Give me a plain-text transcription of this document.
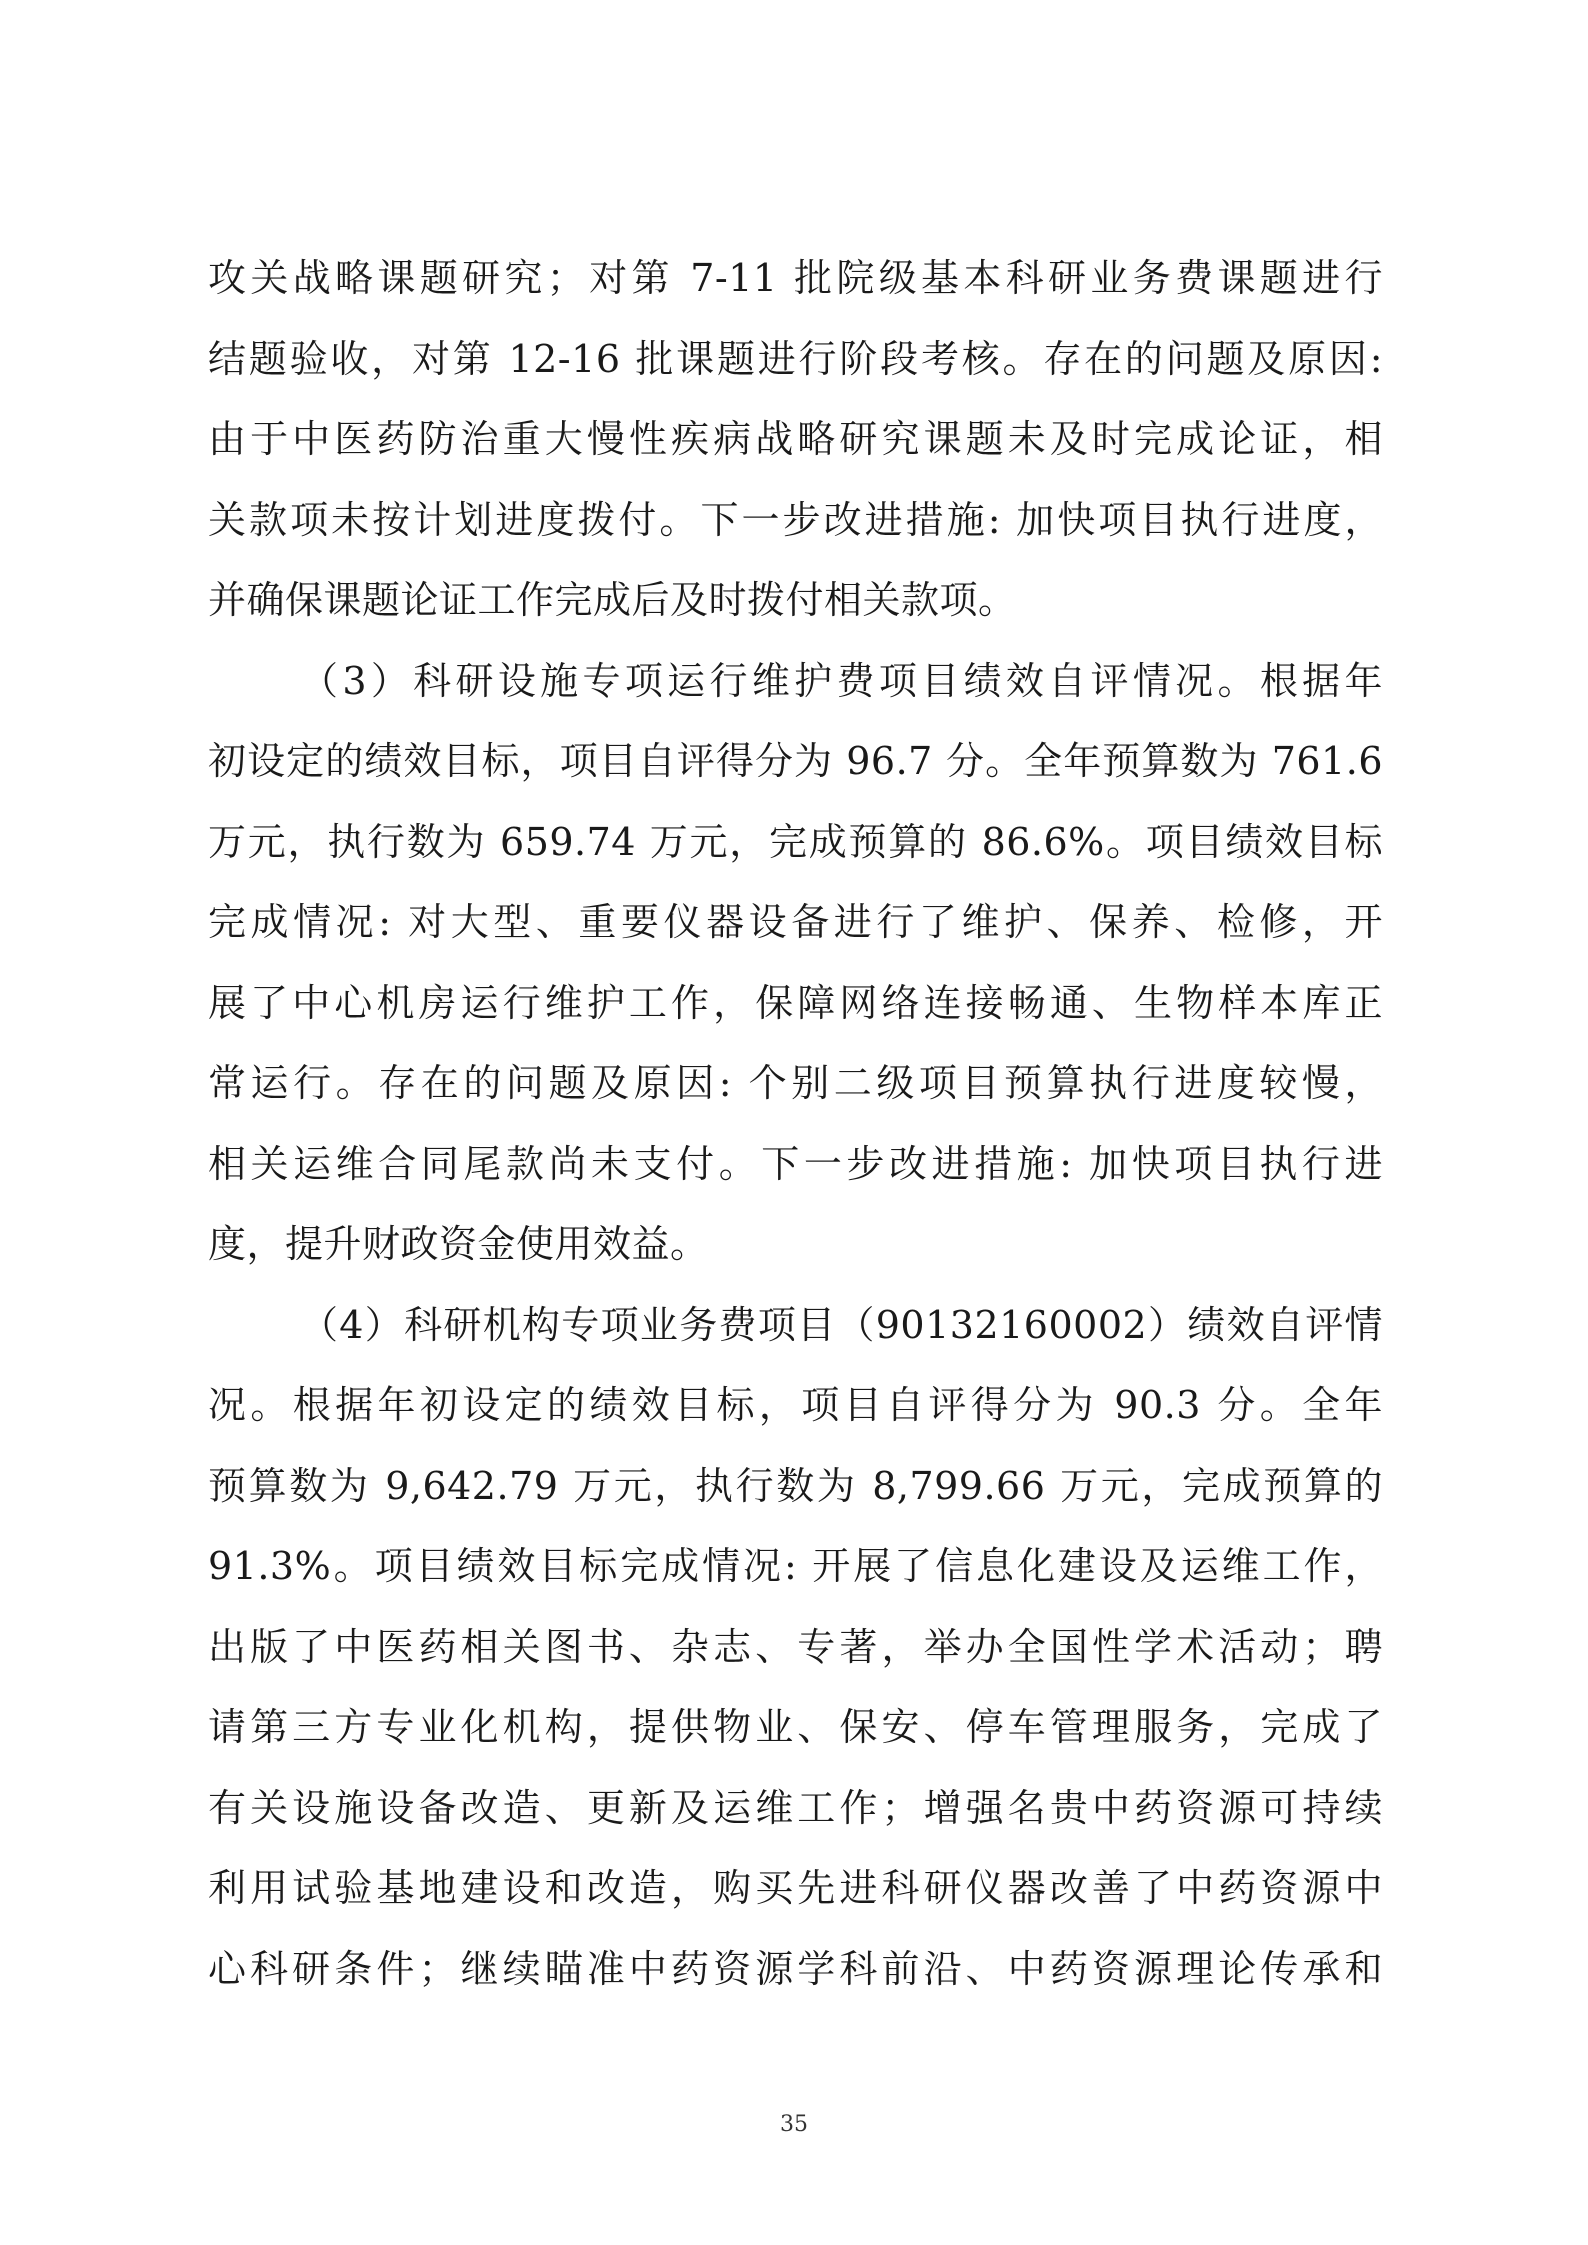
攻关战略课题研究；对第 7-11 批院级基本科研业务费课题进行
结题验收，对第 12-16 批课题进行阶段考核。存在的问题及原因:
由于中医药防治重大慢性疾病战略研究课题未及时完成论证，相
关款项未按计划进度拨付。下一步改进措施: 加快项目执行进度，
并确保课题论证工作完成后及时拨付相关款项。
（3）科研设施专项运行维护费项目绩效自评情况。根据年
初设定的绩效目标，项目自评得分为 96.7 分。全年预算数为 761.6
万元，执行数为 659.74 万元，完成预算的 86.6%。项目绩效目标
完成情况: 对大型、重要仪器设备进行了维护、保养、检修，开
展了中心机房运行维护工作，保障网络连接畅通、生物样本库正
常运行。存在的问题及原因: 个别二级项目预算执行进度较慢，
相关运维合同尾款尚未支付。下一步改进措施: 加快项目执行进
度，提升财政资金使用效益。
（4）科研机构专项业务费项目（90132160002）绩效自评情
况。根据年初设定的绩效目标，项目自评得分为 90.3 分。全年
预算数为 9,642.79 万元，执行数为 8,799.66 万元，完成预算的
91.3%。项目绩效目标完成情况: 开展了信息化建设及运维工作，
出版了中医药相关图书、杂志、专著，举办全国性学术活动；聘
请第三方专业化机构，提供物业、保安、停车管理服务，完成了
有关设施设备改造、更新及运维工作；增强名贵中药资源可持续
利用试验基地建设和改造，购买先进科研仪器改善了中药资源中
心科研条件；继续瞄准中药资源学科前沿、中药资源理论传承和
35
